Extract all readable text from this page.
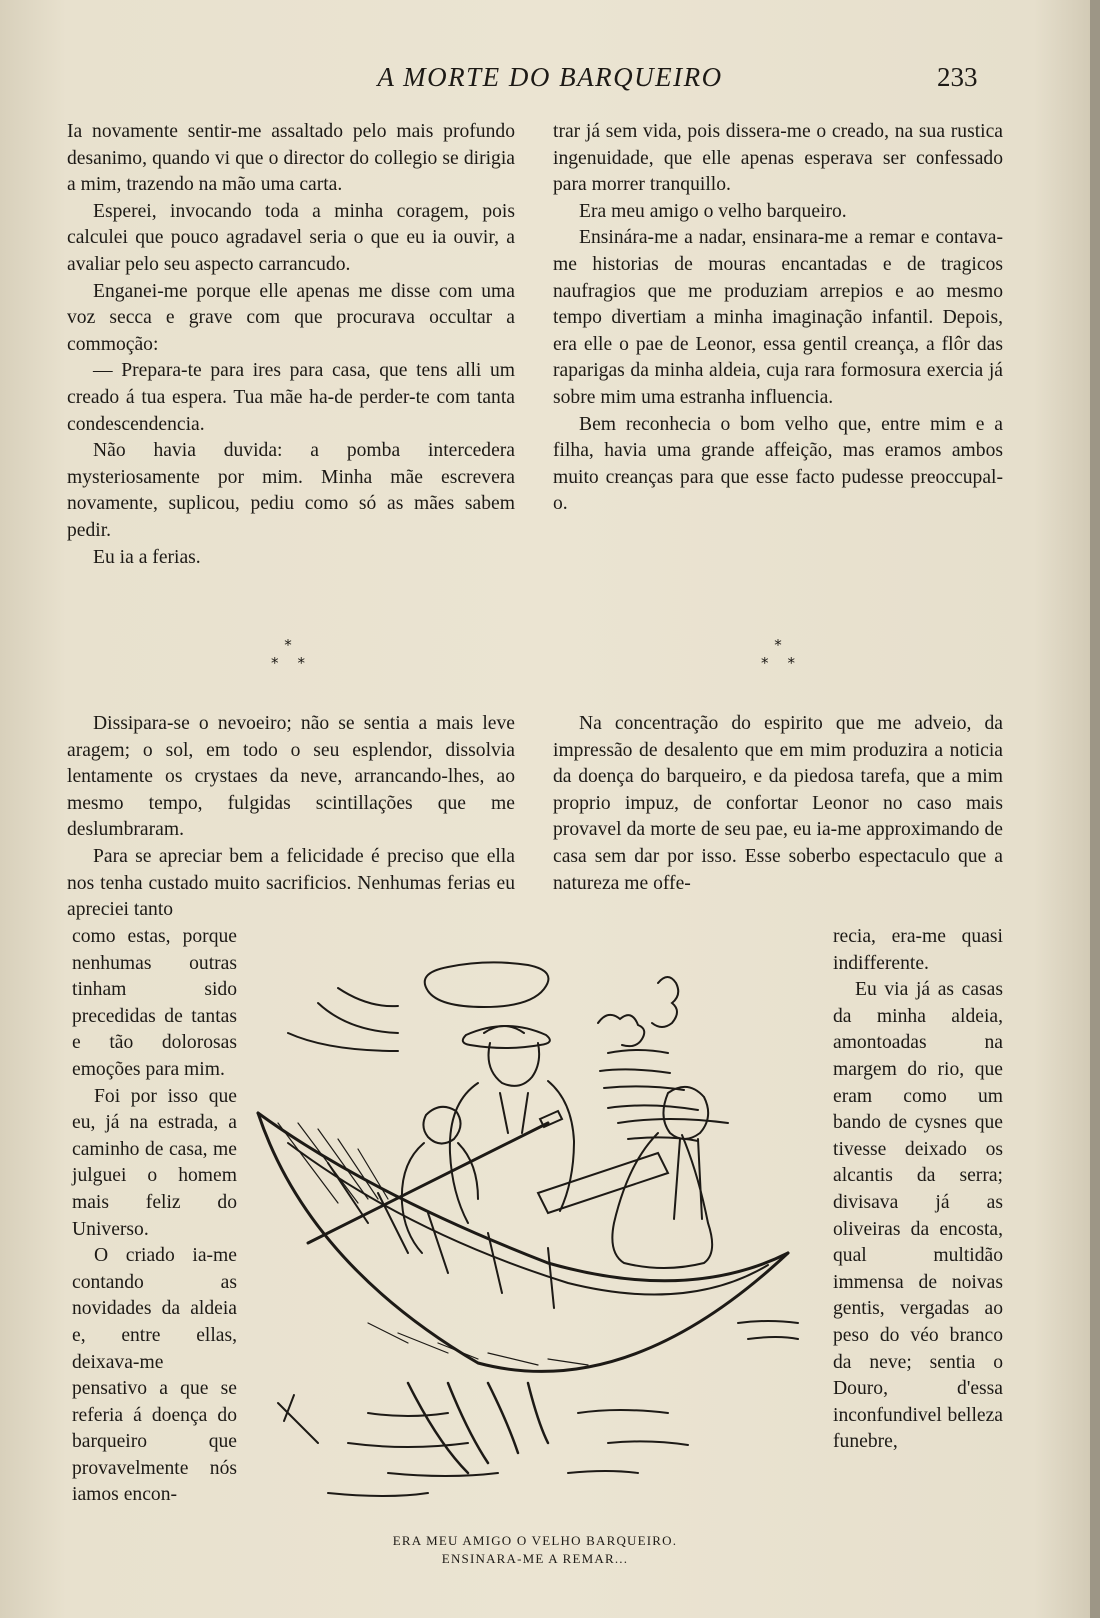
A MORTE DO BARQUEIRO	233

Ia novamente sentir-me assaltado pelo mais profundo desanimo, quando vi que o director do collegio se dirigia a mim, trazendo na mão uma carta.

Esperei, invocando toda a minha coragem, pois calculei que pouco agradavel seria o que eu ia ouvir, a avaliar pelo seu aspecto carrancudo.

Enganei-me porque elle apenas me disse com uma voz secca e grave com que procurava occultar a commoção:

— Prepara-te para ires para casa, que tens alli um creado á tua espera. Tua mãe ha-de perder-te com tanta condescendencia.

Não havia duvida: a pomba intercedera mysteriosamente por mim. Minha mãe escrevera novamente, suplicou, pediu como só as mães sabem pedir.

Eu ia a ferias.

trar já sem vida, pois dissera-me o creado, na sua rustica ingenuidade, que elle apenas esperava ser confessado para morrer tranquillo.

Era meu amigo o velho barqueiro.

Ensinára-me a nadar, ensinara-me a remar e contava-me historias de mouras encantadas e de tragicos naufragios que me produziam arrepios e ao mesmo tempo divertiam a minha imaginação infantil. Depois, era elle o pae de Leonor, essa gentil creança, a flôr das raparigas da minha aldeia, cuja rara formosura exercia já sobre mim uma estranha influencia.

Bem reconhecia o bom velho que, entre mim e a filha, havia uma grande affeição, mas eramos ambos muito creanças para que esse facto pudesse preoccupal-o.

*
*    *
*
*    *

Dissipara-se o nevoeiro; não se sentia a mais leve aragem; o sol, em todo o seu esplendor, dissolvia lentamente os crystaes da neve, arrancando-lhes, ao mesmo tempo, fulgidas scintillações que me deslumbraram.

Para se apreciar bem a felicidade é preciso que ella nos tenha custado muito sacrificios. Nenhumas ferias eu apreciei tanto

como estas, porque nenhumas outras tinham sido precedidas de tantas e tão dolorosas emoções para mim.

Foi por isso que eu, já na estrada, a caminho de casa, me julguei o homem mais feliz do Universo.

O criado ia-me contando as novidades da aldeia e, entre ellas, deixava-me pensativo a que se referia á doença do barqueiro que provavelmente nós iamos encon-

Na concentração do espirito que me adveio, da impressão de desalento que em mim produzira a noticia da doença do barqueiro, e da piedosa tarefa, que a mim proprio impuz, de confortar Leonor no caso mais provavel da morte de seu pae, eu ia-me approximando de casa sem dar por isso. Esse soberbo espectaculo que a natureza me offe-

recia, era-me quasi indifferente.

Eu via já as casas da minha aldeia, amontoadas na margem do rio, que eram como um bando de cysnes que tivesse deixado os alcantis da serra; divisava já as oliveiras da encosta, qual multidão immensa de noivas gentis, vergadas ao peso do véo branco da neve; sentia o Douro, d'essa inconfundivel belleza funebre,

ERA MEU AMIGO O VELHO BARQUEIRO.
ENSINARA-ME A REMAR...
